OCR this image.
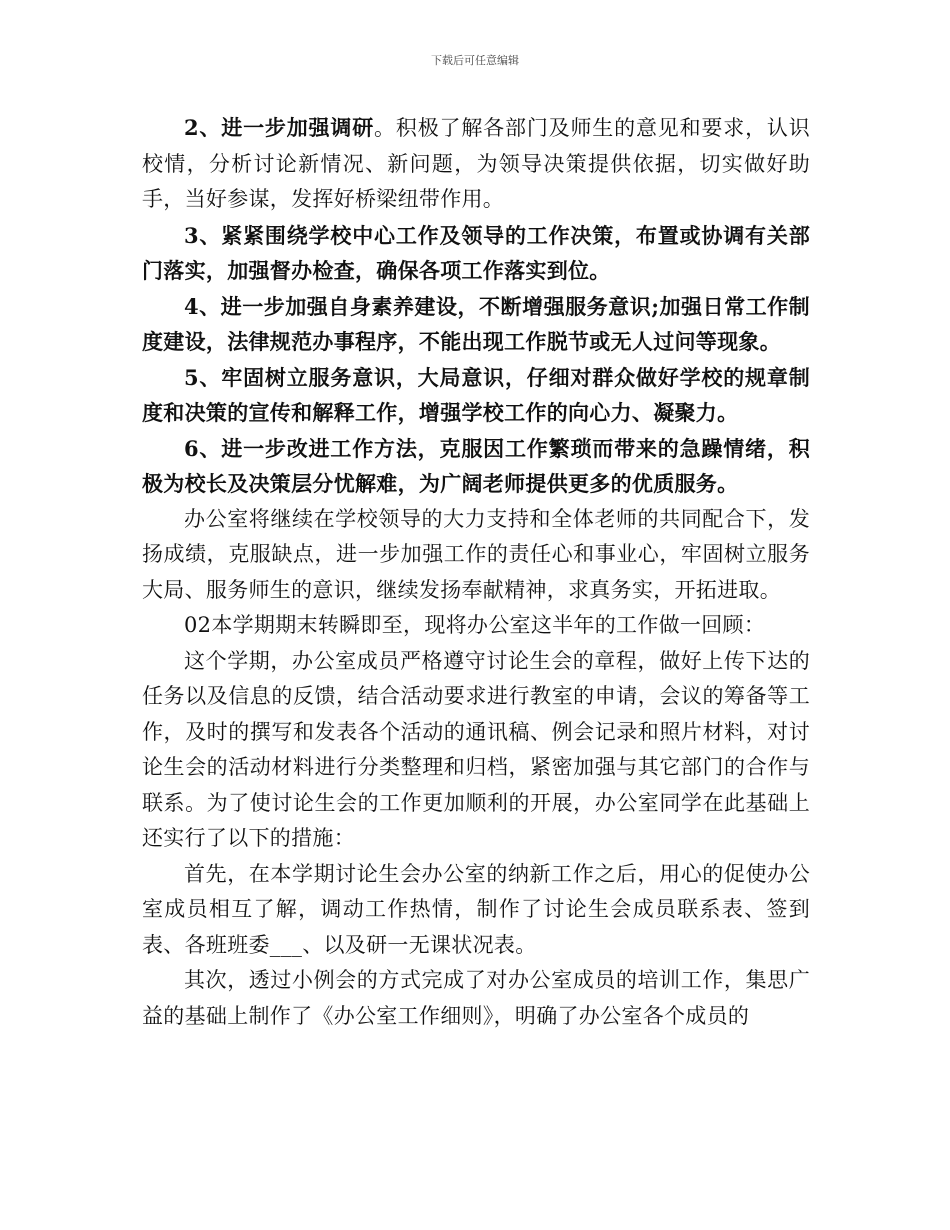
下载后可任意编辑

2、进一步加强调研。积极了解各部门及师生的意见和要求，认识校情，分析讨论新情况、新问题，为领导决策提供依据，切实做好助手，当好参谋，发挥好桥梁纽带作用。

3、紧紧围绕学校中心工作及领导的工作决策，布置或协调有关部门落实，加强督办检查，确保各项工作落实到位。

4、进一步加强自身素养建设，不断增强服务意识;加强日常工作制度建设，法律规范办事程序，不能出现工作脱节或无人过问等现象。

5、牢固树立服务意识，大局意识，仔细对群众做好学校的规章制度和决策的宣传和解释工作，增强学校工作的向心力、凝聚力。

6、进一步改进工作方法，克服因工作繁琐而带来的急躁情绪，积极为校长及决策层分忧解难，为广阔老师提供更多的优质服务。

办公室将继续在学校领导的大力支持和全体老师的共同配合下，发扬成绩，克服缺点，进一步加强工作的责任心和事业心，牢固树立服务大局、服务师生的意识，继续发扬奉献精神，求真务实，开拓进取。

02本学期期末转瞬即至，现将办公室这半年的工作做一回顾：

这个学期，办公室成员严格遵守讨论生会的章程，做好上传下达的任务以及信息的反馈，结合活动要求进行教室的申请，会议的筹备等工作，及时的撰写和发表各个活动的通讯稿、例会记录和照片材料，对讨论生会的活动材料进行分类整理和归档，紧密加强与其它部门的合作与联系。为了使讨论生会的工作更加顺利的开展，办公室同学在此基础上还实行了以下的措施：

首先，在本学期讨论生会办公室的纳新工作之后，用心的促使办公室成员相互了解，调动工作热情，制作了讨论生会成员联系表、签到表、各班班委___、以及研一无课状况表。

其次，透过小例会的方式完成了对办公室成员的培训工作，集思广益的基础上制作了《办公室工作细则》，明确了办公室各个成员的
